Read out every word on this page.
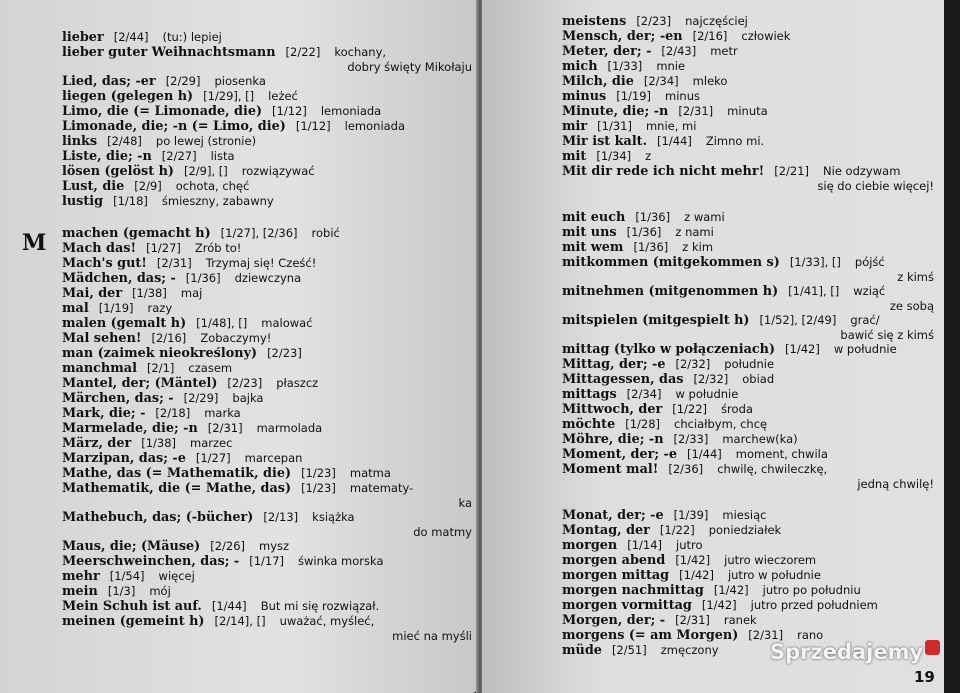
M
lieber [2/44] (tu:) lepiej
lieber guter Weihnachtsmann [2/22] kochany,
dobry święty Mikołaju
Lied, das; -er [2/29] piosenka
liegen (gelegen h) [1/29], [] leżeć
Limo, die (= Limonade, die) [1/12] lemoniada
Limonade, die; -n (= Limo, die) [1/12] lemoniada
links [2/48] po lewej (stronie)
Liste, die; -n [2/27] lista
lösen (gelöst h) [2/9], [] rozwiązywać
Lust, die [2/9] ochota, chęć
lustig [1/18] śmieszny, zabawny
machen (gemacht h) [1/27], [2/36] robić
Mach das! [1/27] Zrób to!
Mach's gut! [2/31] Trzymaj się! Cześć!
Mädchen, das; - [1/36] dziewczyna
Mai, der [1/38] maj
mal [1/19] razy
malen (gemalt h) [1/48], [] malować
Mal sehen! [2/16] Zobaczymy!
man (zaimek nieokreślony) [2/23]
manchmal [2/1] czasem
Mantel, der; (Mäntel) [2/23] płaszcz
Märchen, das; - [2/29] bajka
Mark, die; - [2/18] marka
Marmelade, die; -n [2/31] marmolada
März, der [1/38] marzec
Marzipan, das; -e [1/27] marcepan
Mathe, das (= Mathematik, die) [1/23] matma
Mathematik, die (= Mathe, das) [1/23] matematy-
ka
Mathebuch, das; (-bücher) [2/13] książka
do matmy
Maus, die; (Mäuse) [2/26] mysz
Meerschweinchen, das; - [1/17] świnka morska
mehr [1/54] więcej
mein [1/3] mój
Mein Schuh ist auf. [1/44] But mi się rozwiązał.
meinen (gemeint h) [2/14], [] uważać, myśleć,
mieć na myśli
meistens [2/23] najczęściej
Mensch, der; -en [2/16] człowiek
Meter, der; - [2/43] metr
mich [1/33] mnie
Milch, die [2/34] mleko
minus [1/19] minus
Minute, die; -n [2/31] minuta
mir [1/31] mnie, mi
Mir ist kalt. [1/44] Zimno mi.
mit [1/34] z
Mit dir rede ich nicht mehr! [2/21] Nie odzywam
się do ciebie więcej!
mit euch [1/36] z wami
mit uns [1/36] z nami
mit wem [1/36] z kim
mitkommen (mitgekommen s) [1/33], [] pójść
z kimś
mitnehmen (mitgenommen h) [1/41], [] wziąć
ze sobą
mitspielen (mitgespielt h) [1/52], [2/49] grać/
bawić się z kimś
mittag (tylko w połączeniach) [1/42] w południe
Mittag, der; -e [2/32] południe
Mittagessen, das [2/32] obiad
mittags [2/34] w południe
Mittwoch, der [1/22] środa
möchte [1/28] chciałbym, chcę
Möhre, die; -n [2/33] marchew(ka)
Moment, der; -e [1/44] moment, chwila
Moment mal! [2/36] chwilę, chwileczkę,
jedną chwilę!
Monat, der; -e [1/39] miesiąc
Montag, der [1/22] poniedziałek
morgen [1/14] jutro
morgen abend [1/42] jutro wieczorem
morgen mittag [1/42] jutro w południe
morgen nachmittag [1/42] jutro po południu
morgen vormittag [1/42] jutro przed południem
Morgen, der; - [2/31] ranek
morgens (= am Morgen) [2/31] rano
müde [2/51] zmęczony	Sprzedajemy
19
